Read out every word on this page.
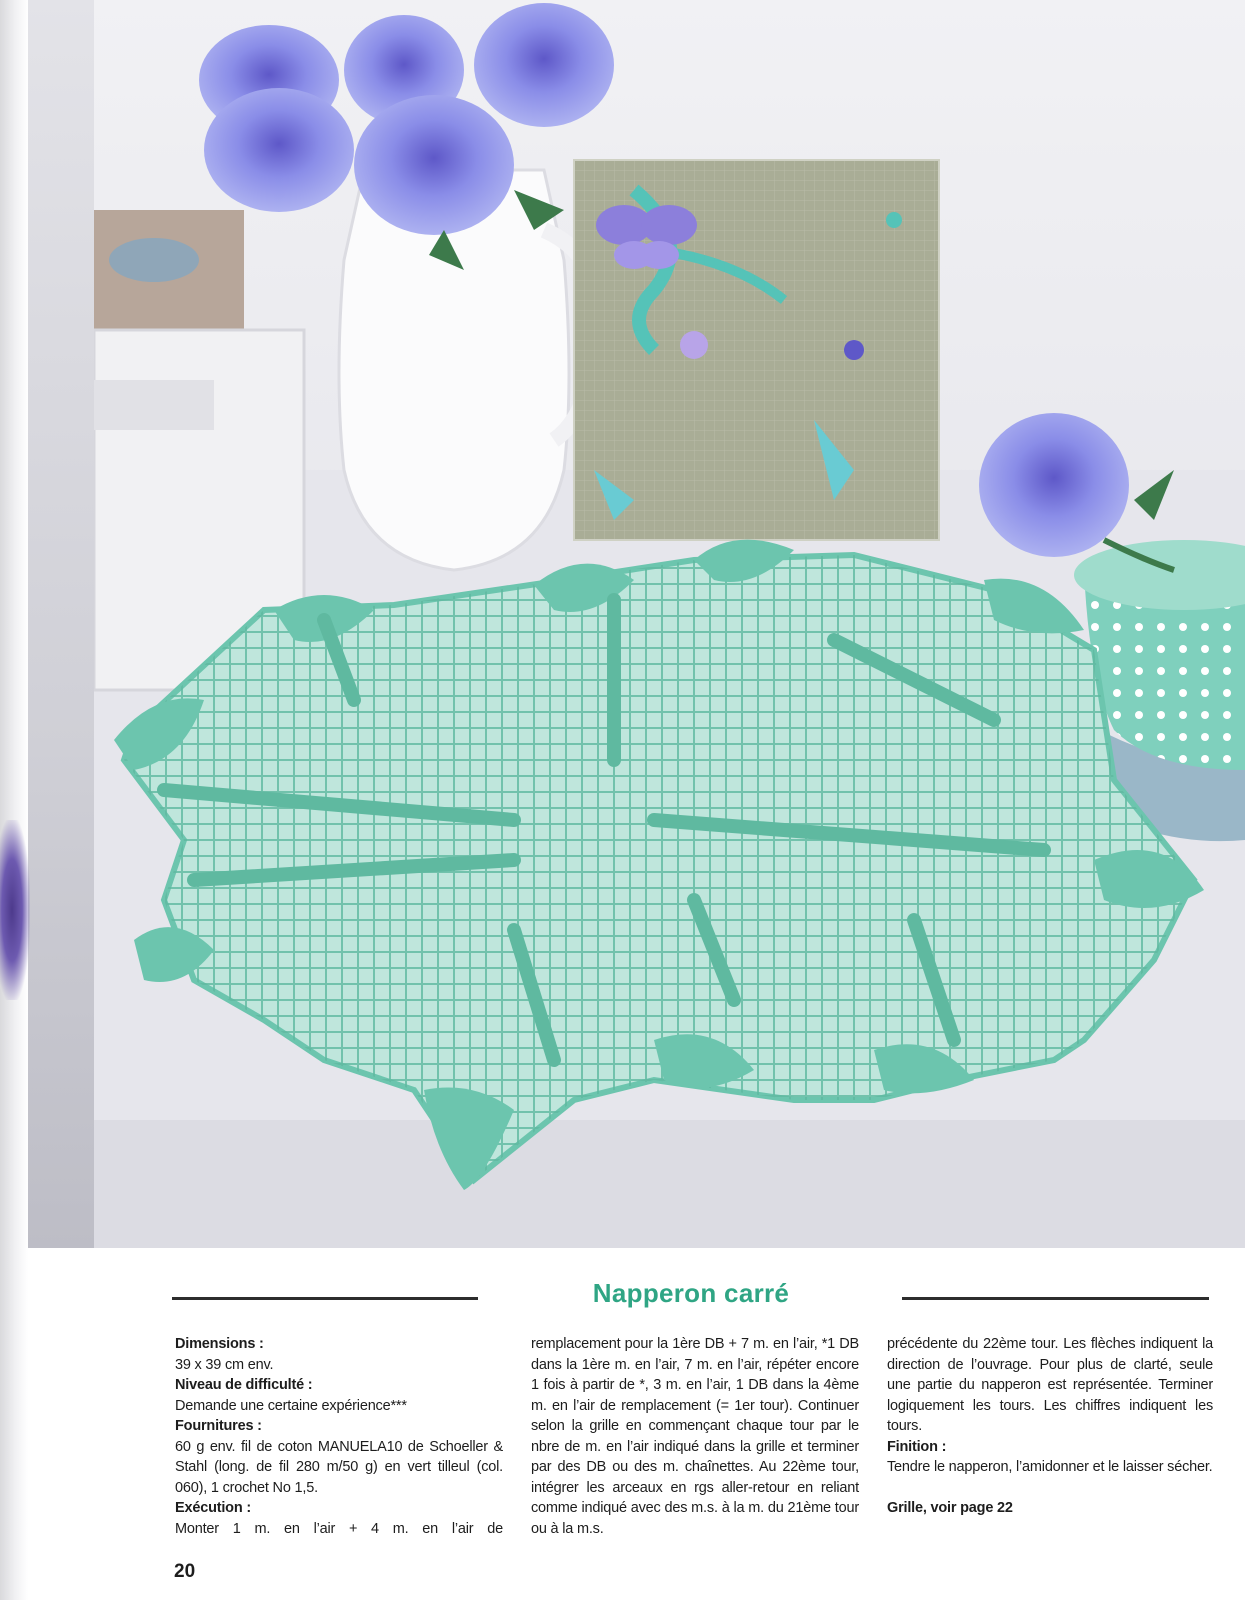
Napperon carré

Dimensions :

39 x 39 cm env.

Niveau de difficulté :

Demande une certaine expérience***

Fournitures :

60 g env. fil de coton MANUELA10 de Schoeller & Stahl (long. de fil 280 m/50 g) en vert tilleul (col. 060), 1 crochet No 1,5.

Exécution :

Monter 1 m. en l’air + 4 m. en l’air de

remplacement pour la 1ère DB + 7 m. en l’air, *1 DB dans la 1ère m. en l’air, 7 m. en l’air, répéter encore 1 fois à partir de *, 3 m. en l’air, 1 DB dans la 4ème m. en l’air de remplacement (= 1er tour). Continuer selon la grille en commençant chaque tour par le nbre de m. en l’air indiqué dans la grille et terminer par des DB ou des m. chaînettes. Au 22ème tour, intégrer les arceaux en rgs aller-retour en reliant comme indiqué avec des m.s. à la m. du 21ème tour ou à la m.s.

précédente du 22ème tour. Les flèches indiquent la direction de l’ouvrage. Pour plus de clarté, seule une partie du napperon est représentée. Terminer logiquement les tours. Les chiffres indiquent les tours.

Finition :

Tendre le napperon, l’amidonner et le laisser sécher.

Grille, voir page 22

20
